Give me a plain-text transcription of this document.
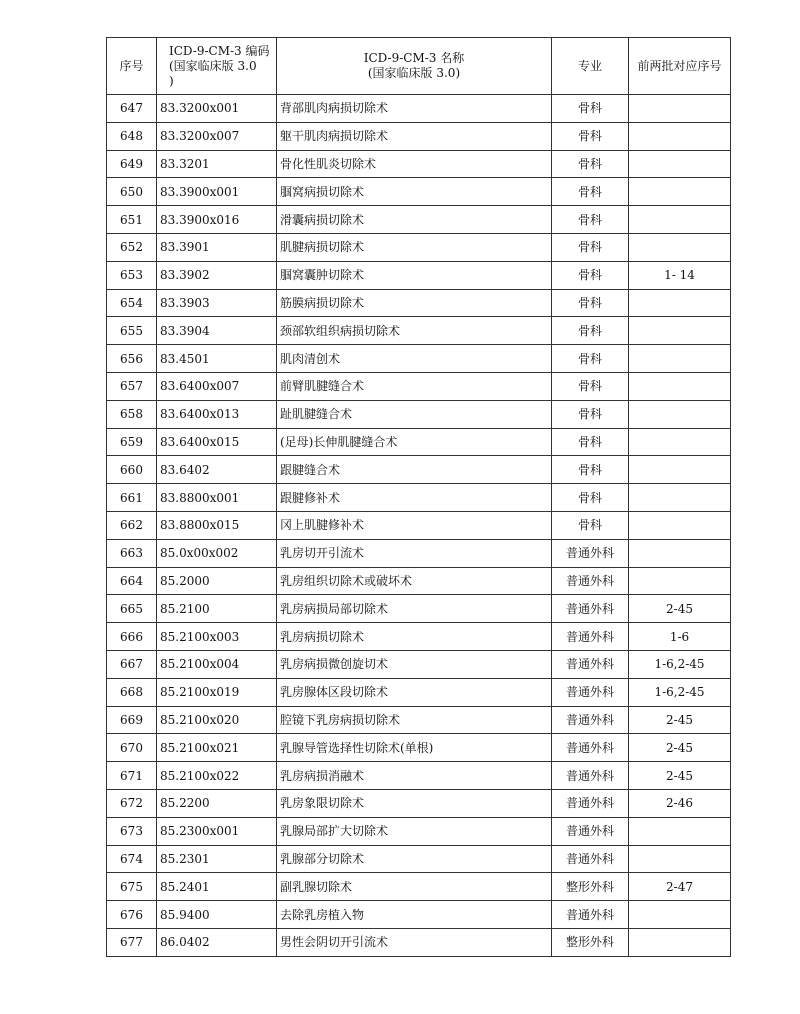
序号	ICD-9-CM-3 编码
(国家临床版 3.0
)	ICD-9-CM-3 名称
(国家临床版 3.0)	专业	前两批对应序号
647	83.3200x001	背部肌肉病损切除术	骨科	
648	83.3200x007	躯干肌肉病损切除术	骨科	
649	83.3201	骨化性肌炎切除术	骨科	
650	83.3900x001	腘窝病损切除术	骨科	
651	83.3900x016	滑囊病损切除术	骨科	
652	83.3901	肌腱病损切除术	骨科	
653	83.3902	腘窝囊肿切除术	骨科	1- 14
654	83.3903	筋膜病损切除术	骨科	
655	83.3904	颈部软组织病损切除术	骨科	
656	83.4501	肌肉清创术	骨科	
657	83.6400x007	前臂肌腱缝合术	骨科	
658	83.6400x013	趾肌腱缝合术	骨科	
659	83.6400x015	(足母)长伸肌腱缝合术	骨科	
660	83.6402	跟腱缝合术	骨科	
661	83.8800x001	跟腱修补术	骨科	
662	83.8800x015	冈上肌腱修补术	骨科	
663	85.0x00x002	乳房切开引流术	普通外科	
664	85.2000	乳房组织切除术或破坏术	普通外科	
665	85.2100	乳房病损局部切除术	普通外科	2-45
666	85.2100x003	乳房病损切除术	普通外科	1-6
667	85.2100x004	乳房病损微创旋切术	普通外科	1-6,2-45
668	85.2100x019	乳房腺体区段切除术	普通外科	1-6,2-45
669	85.2100x020	腔镜下乳房病损切除术	普通外科	2-45
670	85.2100x021	乳腺导管选择性切除术(单根)	普通外科	2-45
671	85.2100x022	乳房病损消融术	普通外科	2-45
672	85.2200	乳房象限切除术	普通外科	2-46
673	85.2300x001	乳腺局部扩大切除术	普通外科	
674	85.2301	乳腺部分切除术	普通外科	
675	85.2401	副乳腺切除术	整形外科	2-47
676	85.9400	去除乳房植入物	普通外科	
677	86.0402	男性会阴切开引流术	整形外科	
